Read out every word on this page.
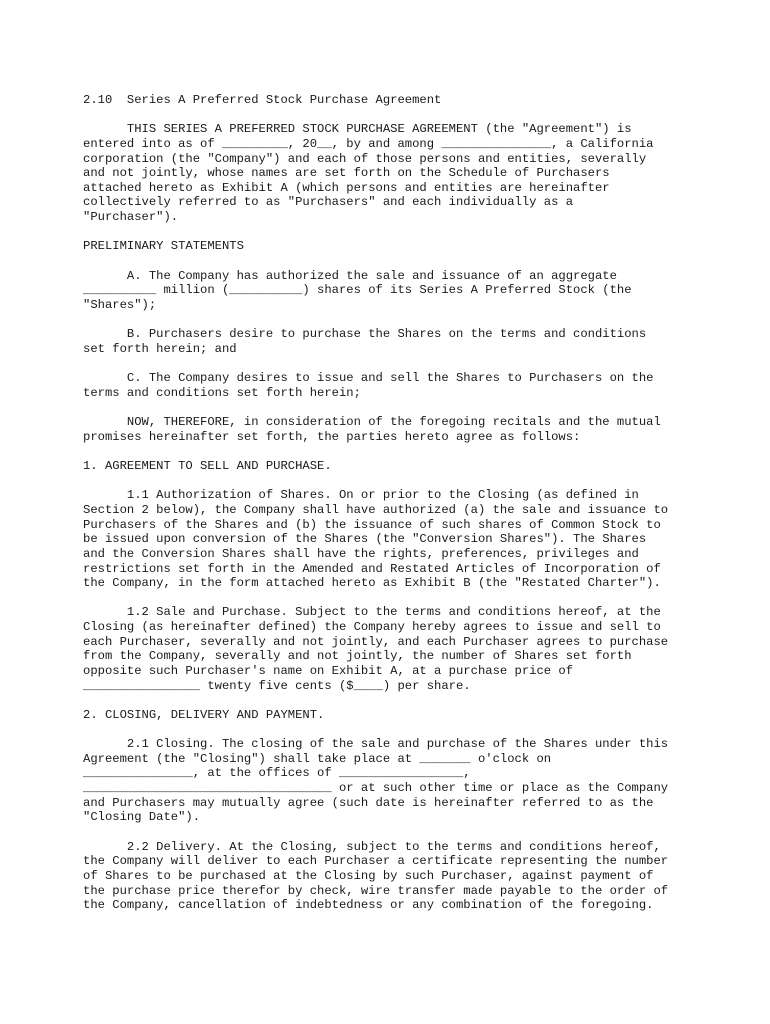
2.10  Series A Preferred Stock Purchase Agreement
THIS SERIES A PREFERRED STOCK PURCHASE AGREEMENT (the "Agreement") is
entered into as of _________, 20__, by and among _______________, a California
corporation (the "Company") and each of those persons and entities, severally
and not jointly, whose names are set forth on the Schedule of Purchasers
attached hereto as Exhibit A (which persons and entities are hereinafter
collectively referred to as "Purchasers" and each individually as a
"Purchaser").
PRELIMINARY STATEMENTS
A. The Company has authorized the sale and issuance of an aggregate
__________ million (__________) shares of its Series A Preferred Stock (the
"Shares");
B. Purchasers desire to purchase the Shares on the terms and conditions
set forth herein; and
C. The Company desires to issue and sell the Shares to Purchasers on the
terms and conditions set forth herein;
NOW, THEREFORE, in consideration of the foregoing recitals and the mutual
promises hereinafter set forth, the parties hereto agree as follows:
1. AGREEMENT TO SELL AND PURCHASE.
1.1 Authorization of Shares. On or prior to the Closing (as defined in
Section 2 below), the Company shall have authorized (a) the sale and issuance to
Purchasers of the Shares and (b) the issuance of such shares of Common Stock to
be issued upon conversion of the Shares (the "Conversion Shares"). The Shares
and the Conversion Shares shall have the rights, preferences, privileges and
restrictions set forth in the Amended and Restated Articles of Incorporation of
the Company, in the form attached hereto as Exhibit B (the "Restated Charter").
1.2 Sale and Purchase. Subject to the terms and conditions hereof, at the
Closing (as hereinafter defined) the Company hereby agrees to issue and sell to
each Purchaser, severally and not jointly, and each Purchaser agrees to purchase
from the Company, severally and not jointly, the number of Shares set forth
opposite such Purchaser's name on Exhibit A, at a purchase price of
________________ twenty five cents ($____) per share.
2. CLOSING, DELIVERY AND PAYMENT.
2.1 Closing. The closing of the sale and purchase of the Shares under this
Agreement (the "Closing") shall take place at _______ o'clock on
_______________, at the offices of _________________,
__________________________________ or at such other time or place as the Company
and Purchasers may mutually agree (such date is hereinafter referred to as the
"Closing Date").
2.2 Delivery. At the Closing, subject to the terms and conditions hereof,
the Company will deliver to each Purchaser a certificate representing the number
of Shares to be purchased at the Closing by such Purchaser, against payment of
the purchase price therefor by check, wire transfer made payable to the order of
the Company, cancellation of indebtedness or any combination of the foregoing.
